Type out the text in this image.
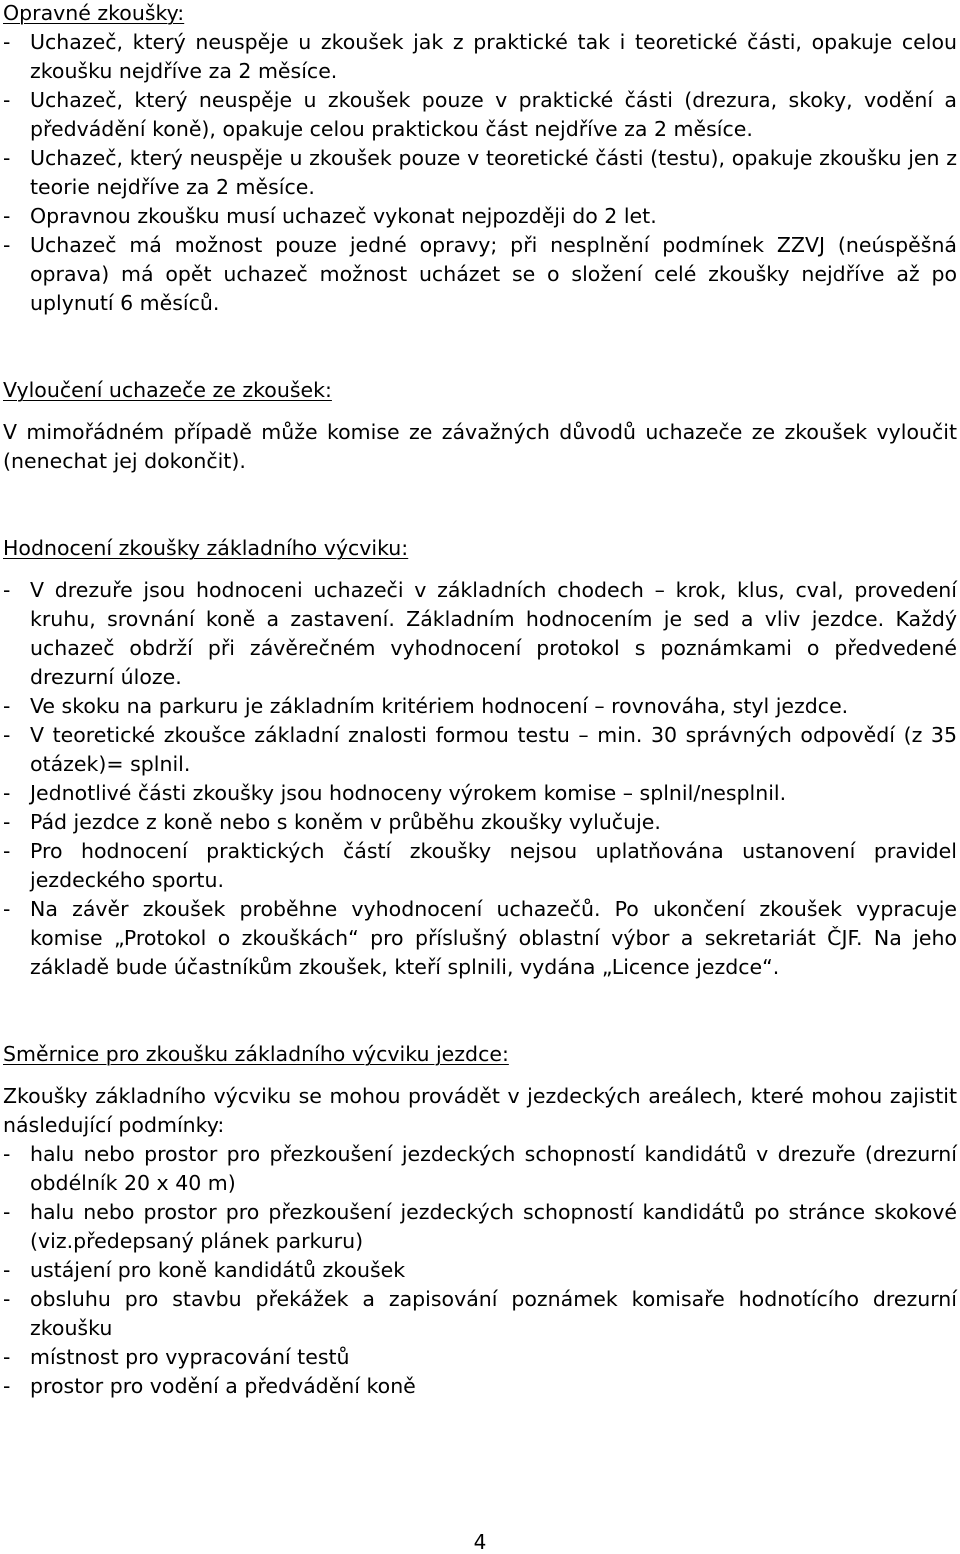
Opravné zkoušky:
- Uchazeč, který neuspěje u zkoušek jak z praktické tak i teoretické části, opakuje celou zkoušku nejdříve za 2 měsíce.
- Uchazeč, který neuspěje u zkoušek pouze v praktické části (drezura, skoky, vodění a předvádění koně), opakuje celou praktickou část nejdříve za 2 měsíce.
- Uchazeč, který neuspěje u zkoušek pouze v teoretické části (testu), opakuje zkoušku jen z teorie nejdříve za 2 měsíce.
- Opravnou zkoušku musí uchazeč vykonat nejpozději do 2 let.
- Uchazeč má možnost pouze jedné opravy; při nesplnění podmínek ZZVJ (neúspěšná oprava) má opět uchazeč možnost ucházet se o složení celé zkoušky nejdříve až po uplynutí 6 měsíců.
Vyloučení uchazeče ze zkoušek:

V mimořádném případě může komise ze závažných důvodů uchazeče ze zkoušek vyloučit (nenechat jej dokončit).

Hodnocení zkoušky základního výcviku:
- V drezuře jsou hodnoceni uchazeči v základních chodech – krok, klus, cval, provedení kruhu, srovnání koně a zastavení. Základním hodnocením je sed a vliv jezdce. Každý uchazeč obdrží při závěrečném vyhodnocení protokol s poznámkami o předvedené drezurní úloze.
- Ve skoku na parkuru je základním kritériem hodnocení – rovnováha, styl jezdce.
- V teoretické zkoušce základní znalosti formou testu – min. 30 správných odpovědí (z 35 otázek)= splnil.
- Jednotlivé části zkoušky jsou hodnoceny výrokem komise – splnil/nesplnil.
- Pád jezdce z koně nebo s koněm v průběhu zkoušky vylučuje.
- Pro hodnocení praktických částí zkoušky nejsou uplatňována ustanovení pravidel jezdeckého sportu.
- Na závěr zkoušek proběhne vyhodnocení uchazečů. Po ukončení zkoušek vypracuje komise „Protokol o zkouškách“ pro příslušný oblastní výbor a sekretariát ČJF. Na jeho základě bude účastníkům zkoušek, kteří splnili, vydána „Licence jezdce“.
Směrnice pro zkoušku základního výcviku jezdce:

Zkoušky základního výcviku se mohou provádět v jezdeckých areálech, které mohou zajistit následující podmínky:

- halu nebo prostor pro přezkoušení jezdeckých schopností kandidátů v drezuře (drezurní obdélník 20 x 40 m)
- halu nebo prostor pro přezkoušení jezdeckých schopností kandidátů po stránce skokové (viz.předepsaný plánek parkuru)
- ustájení pro koně kandidátů zkoušek
- obsluhu pro stavbu překážek a zapisování poznámek komisaře hodnotícího drezurní zkoušku
- místnost pro vypracování testů
- prostor pro vodění a předvádění koně
4
